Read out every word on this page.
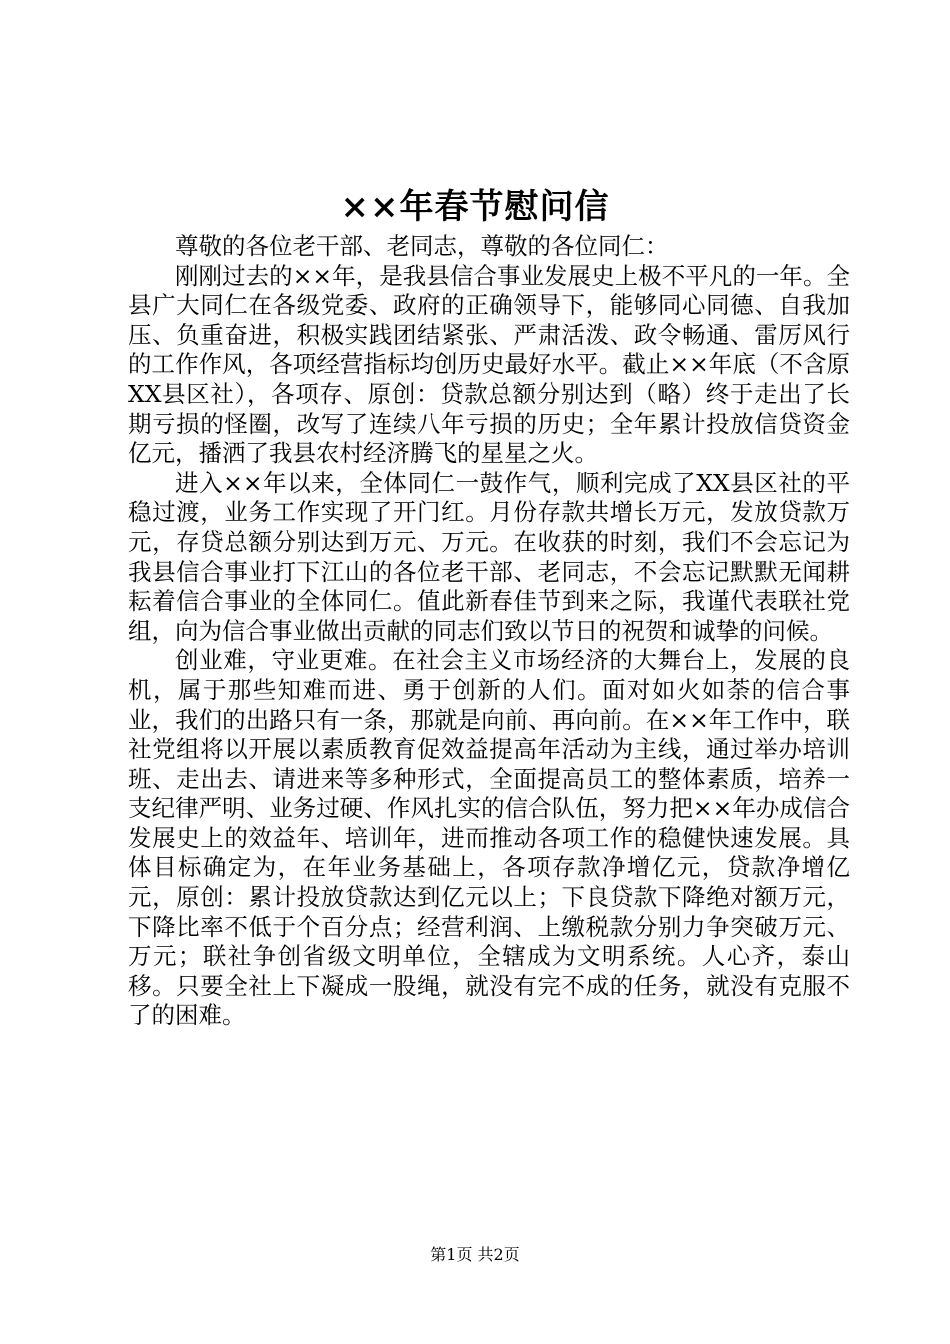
××年春节慰问信

尊敬的各位老干部、老同志，尊敬的各位同仁：

刚刚过去的××年，是我县信合事业发展史上极不平凡的一年。全县广大同仁在各级党委、政府的正确领导下，能够同心同德、自我加压、负重奋进，积极实践团结紧张、严肃活泼、政令畅通、雷厉风行的工作作风，各项经营指标均创历史最好水平。截止××年底（不含原XX县区社），各项存、原创：贷款总额分别达到（略）终于走出了长期亏损的怪圈，改写了连续八年亏损的历史；全年累计投放信贷资金亿元，播洒了我县农村经济腾飞的星星之火。

进入××年以来，全体同仁一鼓作气，顺利完成了XX县区社的平稳过渡，业务工作实现了开门红。月份存款共增长万元，发放贷款万元，存贷总额分别达到万元、万元。在收获的时刻，我们不会忘记为我县信合事业打下江山的各位老干部、老同志，不会忘记默默无闻耕耘着信合事业的全体同仁。值此新春佳节到来之际，我谨代表联社党组，向为信合事业做出贡献的同志们致以节日的祝贺和诚挚的问候。

创业难，守业更难。在社会主义市场经济的大舞台上，发展的良机，属于那些知难而进、勇于创新的人们。面对如火如荼的信合事业，我们的出路只有一条，那就是向前、再向前。在××年工作中，联社党组将以开展以素质教育促效益提高年活动为主线，通过举办培训班、走出去、请进来等多种形式，全面提高员工的整体素质，培养一支纪律严明、业务过硬、作风扎实的信合队伍，努力把××年办成信合发展史上的效益年、培训年，进而推动各项工作的稳健快速发展。具体目标确定为，在年业务基础上，各项存款净增亿元，贷款净增亿元，原创：累计投放贷款达到亿元以上；下良贷款下降绝对额万元，下降比率不低于个百分点；经营利润、上缴税款分别力争突破万元、万元；联社争创省级文明单位，全辖成为文明系统。人心齐，泰山移。只要全社上下凝成一股绳，就没有完不成的任务，就没有克服不了的困难。

第1页 共2页
